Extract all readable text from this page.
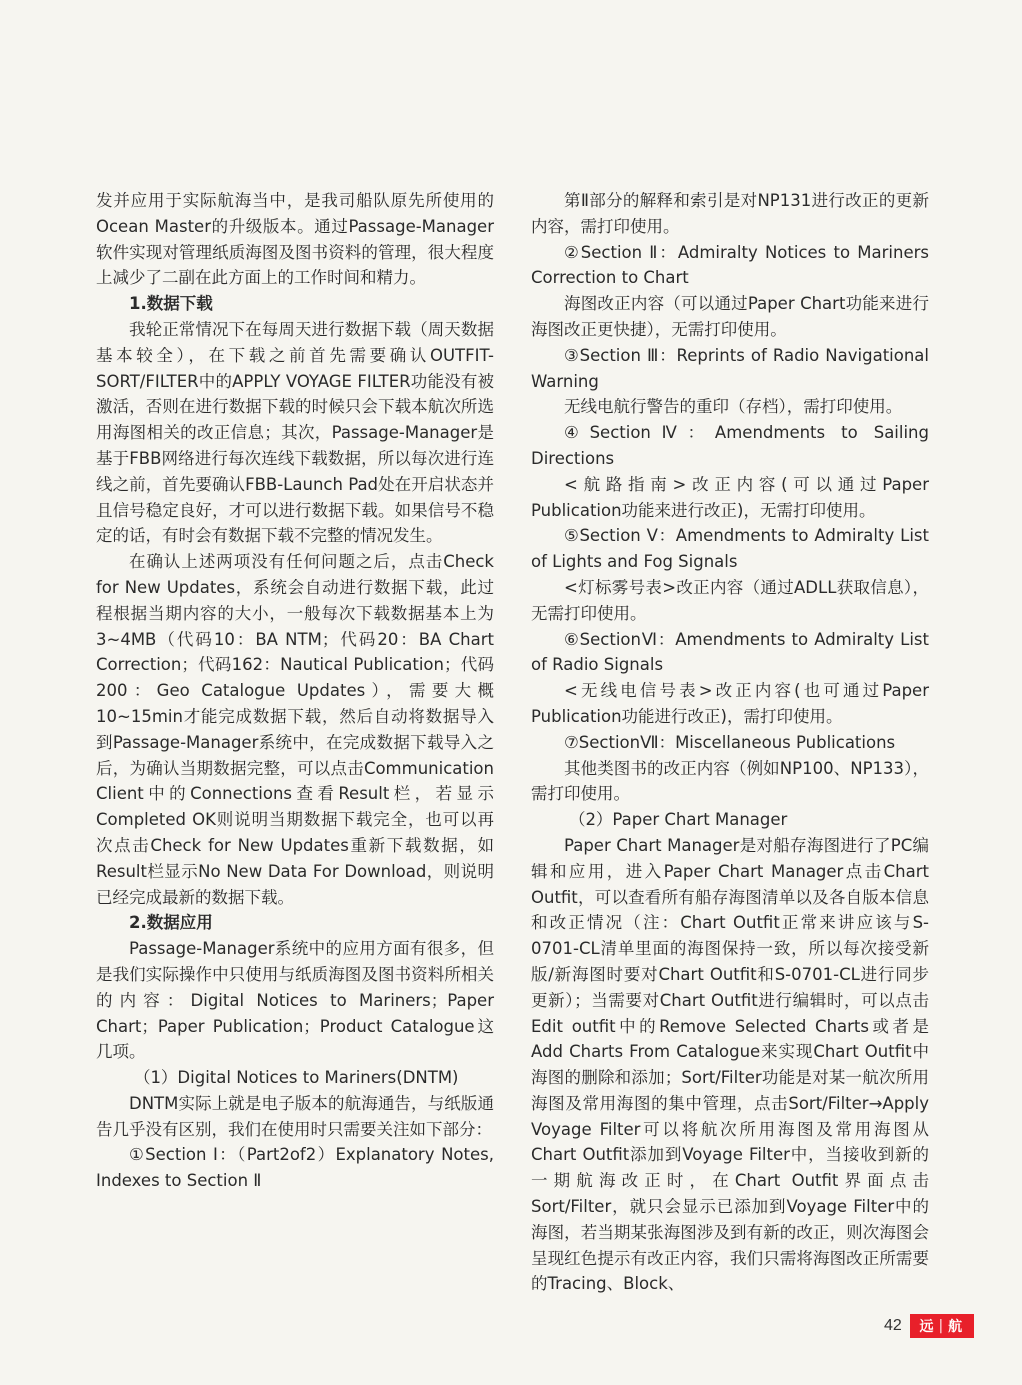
发并应用于实际航海当中，是我司船队原先所使用的Ocean Master的升级版本。通过Passage-Manager软件实现对管理纸质海图及图书资料的管理，很大程度上减少了二副在此方面上的工作时间和精力。

1.数据下载

我轮正常情况下在每周天进行数据下载（周天数据基本较全），在下载之前首先需要确认OUTFIT-SORT/FILTER中的APPLY VOYAGE FILTER功能没有被激活，否则在进行数据下载的时候只会下载本航次所选用海图相关的改正信息；其次，Passage-Manager是基于FBB网络进行每次连线下载数据，所以每次进行连线之前，首先要确认FBB-Launch Pad处在开启状态并且信号稳定良好，才可以进行数据下载。如果信号不稳定的话，有时会有数据下载不完整的情况发生。

在确认上述两项没有任何问题之后，点击Check for New Updates，系统会自动进行数据下载，此过程根据当期内容的大小，一般每次下载数据基本上为3~4MB（代码10：BA NTM；代码20：BA Chart Correction；代码162：Nautical Publication；代码200：Geo Catalogue Updates），需要大概10~15min才能完成数据下载，然后自动将数据导入到Passage-Manager系统中，在完成数据下载导入之后，为确认当期数据完整，可以点击Communication Client中的Connections查看Result栏，若显示Completed OK则说明当期数据下载完全，也可以再次点击Check for New Updates重新下载数据，如Result栏显示No New Data For Download，则说明已经完成最新的数据下载。

2.数据应用

Passage-Manager系统中的应用方面有很多，但是我们实际操作中只使用与纸质海图及图书资料所相关的内容：Digital Notices to Mariners；Paper Chart；Paper Publication；Product Catalogue这几项。

（1）Digital Notices to Mariners(DNTM)

DNTM实际上就是电子版本的航海通告，与纸版通告几乎没有区别，我们在使用时只需要关注如下部分：

①Section Ⅰ：（Part2of2）Explanatory Notes, Indexes to Section Ⅱ

第Ⅱ部分的解释和索引是对NP131进行改正的更新内容，需打印使用。

②Section Ⅱ：Admiralty Notices to Mariners Correction to Chart

海图改正内容（可以通过Paper Chart功能来进行海图改正更快捷），无需打印使用。

③Section Ⅲ：Reprints of Radio Navigational Warning

无线电航行警告的重印（存档），需打印使用。

④SectionⅣ：Amendments to Sailing Directions

<航路指南>改正内容(可以通过Paper Publication功能来进行改正)，无需打印使用。

⑤Section Ⅴ：Amendments to Admiralty List of Lights and Fog Signals

<灯标雾号表>改正内容（通过ADLL获取信息），无需打印使用。

⑥SectionⅥ：Amendments to Admiralty List of Radio Signals

<无线电信号表>改正内容(也可通过Paper Publication功能进行改正)，需打印使用。

⑦SectionⅦ：Miscellaneous Publications

其他类图书的改正内容（例如NP100、NP133），需打印使用。

（2）Paper Chart Manager

Paper Chart Manager是对船存海图进行了PC编辑和应用，进入Paper Chart Manager点击Chart Outfit，可以查看所有船存海图清单以及各自版本信息和改正情况（注：Chart Outfit正常来讲应该与S-0701-CL清单里面的海图保持一致，所以每次接受新版/新海图时要对Chart Outfit和S-0701-CL进行同步更新）；当需要对Chart Outfit进行编辑时，可以点击Edit outfit中的Remove Selected Charts或者是Add Charts From Catalogue来实现Chart Outfit中海图的删除和添加；Sort/Filter功能是对某一航次所用海图及常用海图的集中管理，点击Sort/Filter→Apply Voyage Filter可以将航次所用海图及常用海图从Chart Outfit添加到Voyage Filter中，当接收到新的一期航海改正时，在Chart Outfit界面点击Sort/Filter，就只会显示已添加到Voyage Filter中的海图，若当期某张海图涉及到有新的改正，则次海图会呈现红色提示有改正内容，我们只需将海图改正所需要的Tracing、Block、

42 远 | 航
